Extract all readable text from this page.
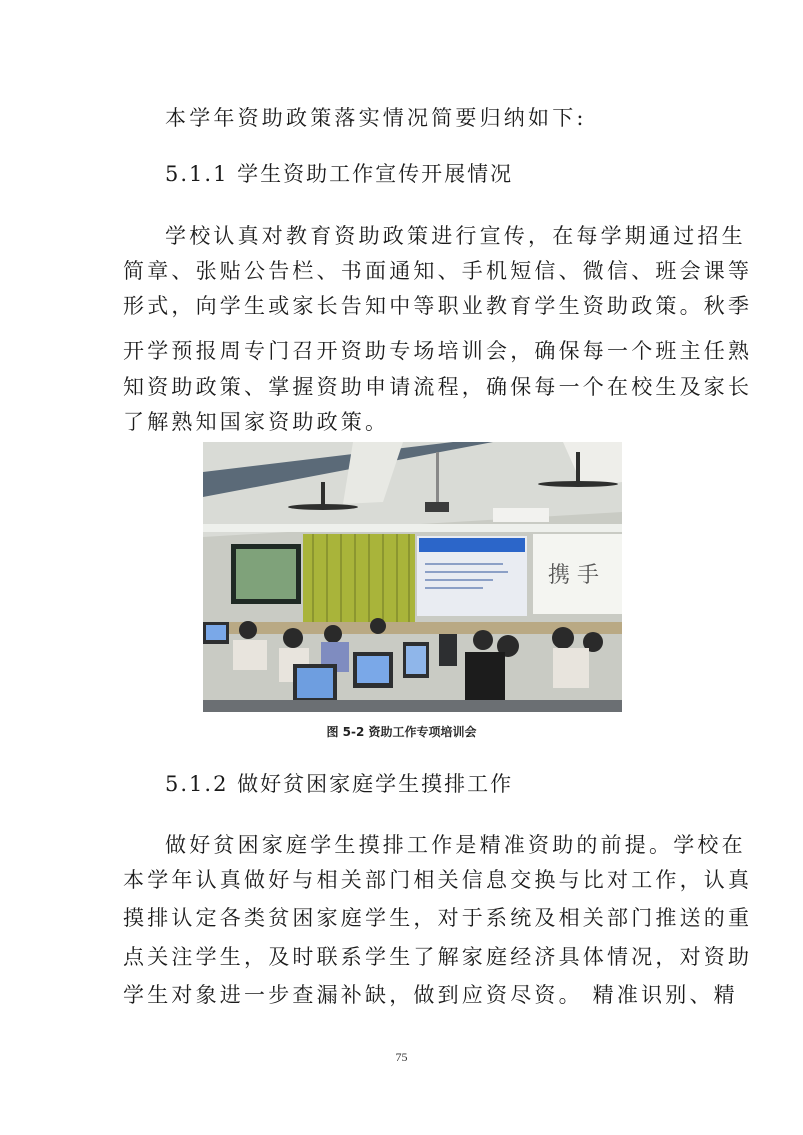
本学年资助政策落实情况简要归纳如下:
5.1.1 学生资助工作宣传开展情况
学校认真对教育资助政策进行宣传，在每学期通过招生
简章、张贴公告栏、书面通知、手机短信、微信、班会课等
形式，向学生或家长告知中等职业教育学生资助政策。秋季
开学预报周专门召开资助专场培训会，确保每一个班主任熟
知资助政策、掌握资助申请流程，确保每一个在校生及家长
了解熟知国家资助政策。
携 手
图 5-2 资助工作专项培训会
5.1.2 做好贫困家庭学生摸排工作
做好贫困家庭学生摸排工作是精准资助的前提。学校在
本学年认真做好与相关部门相关信息交换与比对工作，认真
摸排认定各类贫困家庭学生，对于系统及相关部门推送的重
点关注学生，及时联系学生了解家庭经济具体情况，对资助
学生对象进一步查漏补缺，做到应资尽资。 精准识别、精
75
